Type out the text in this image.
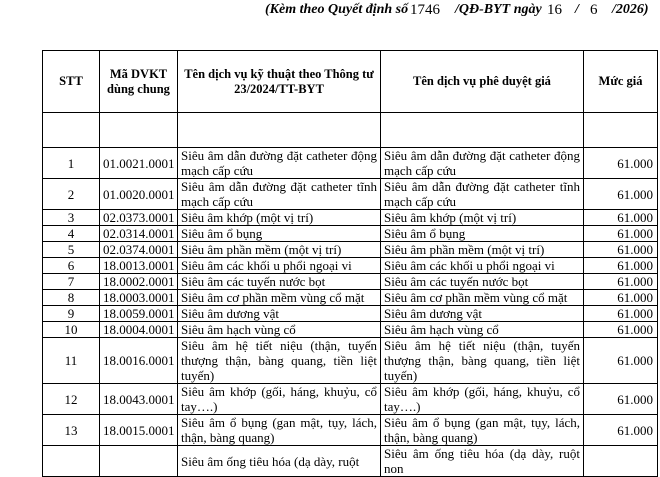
(Kèm theo Quyết định số 1746 /QĐ-BYT ngày 16 / 6 /2026)
STT	Mã DVKT dùng chung	Tên dịch vụ kỹ thuật theo Thông tư 23/2024/TT-BYT	Tên dịch vụ phê duyệt giá	Mức giá

1	01.0021.0001	Siêu âm dẫn đường đặt catheter động mạch cấp cứu	Siêu âm dẫn đường đặt catheter động mạch cấp cứu	61.000
2	01.0020.0001	Siêu âm dẫn đường đặt catheter tĩnh mạch cấp cứu	Siêu âm dẫn đường đặt catheter tĩnh mạch cấp cứu	61.000
3	02.0373.0001	Siêu âm khớp (một vị trí)	Siêu âm khớp (một vị trí)	61.000
4	02.0314.0001	Siêu âm ổ bụng	Siêu âm ổ bụng	61.000
5	02.0374.0001	Siêu âm phần mềm (một vị trí)	Siêu âm phần mềm (một vị trí)	61.000
6	18.0013.0001	Siêu âm các khối u phổi ngoại vi	Siêu âm các khối u phổi ngoại vi	61.000
7	18.0002.0001	Siêu âm các tuyến nước bọt	Siêu âm các tuyến nước bọt	61.000
8	18.0003.0001	Siêu âm cơ phần mềm vùng cổ mặt	Siêu âm cơ phần mềm vùng cổ mặt	61.000
9	18.0059.0001	Siêu âm dương vật	Siêu âm dương vật	61.000
10	18.0004.0001	Siêu âm hạch vùng cổ	Siêu âm hạch vùng cổ	61.000
11	18.0016.0001	Siêu âm hệ tiết niệu (thận, tuyến thượng thận, bàng quang, tiền liệt tuyến)	Siêu âm hệ tiết niệu (thận, tuyến thượng thận, bàng quang, tiền liệt tuyến)	61.000
12	18.0043.0001	Siêu âm khớp (gối, háng, khuỷu, cổ tay….)	Siêu âm khớp (gối, háng, khuỷu, cổ tay….)	61.000
13	18.0015.0001	Siêu âm ổ bụng (gan mật, tụy, lách, thận, bàng quang)	Siêu âm ổ bụng (gan mật, tụy, lách, thận, bàng quang)	61.000
		Siêu âm ống tiêu hóa (dạ dày, ruột	Siêu âm ống tiêu hóa (dạ dày, ruột non	
